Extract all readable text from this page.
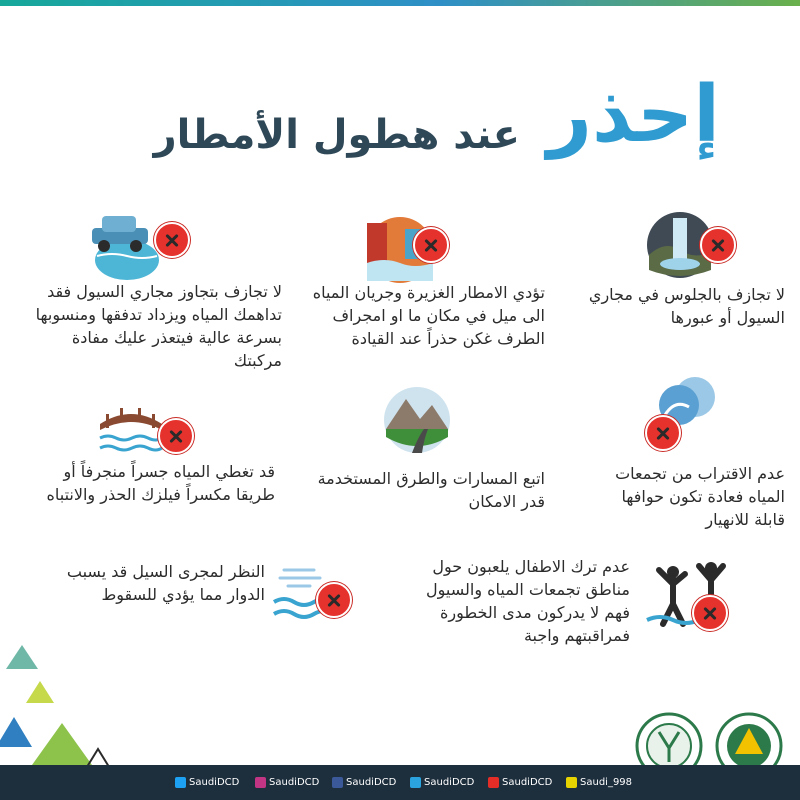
إحذر
عند هطول الأمطار
لا تجازف بالجلوس في مجاري السيول أو عبورها
تؤدي الامطار الغزيرة وجريان المياه الى ميل في مكان ما او امجراف الطرف غكن حذراً عند القيادة
لا تجازف بتجاوز مجاري السيول فقد تداهمك المياه ويزداد تدفقها ومنسوبها بسرعة عالية فيتعذر عليك مفادة مركبتك
عدم الاقتراب من تجمعات المياه فعادة تكون حوافها قابلة للانهيار
اتبع المسارات والطرق المستخدمة قدر الامكان
قد تغطي المياه جسراً منجرفاً أو طريقا مكسراً فيلزك الحذر والانتباه
عدم ترك الاطفال يلعبون حول مناطق تجمعات المياه والسيول فهم لا يدركون مدى الخطورة فمراقبتهم واجبة
النظر لمجرى السيل قد يسبب الدوار مما يؤدي للسقوط
SaudiDCD	SaudiDCD	SaudiDCD	SaudiDCD	SaudiDCD	Saudi_998
